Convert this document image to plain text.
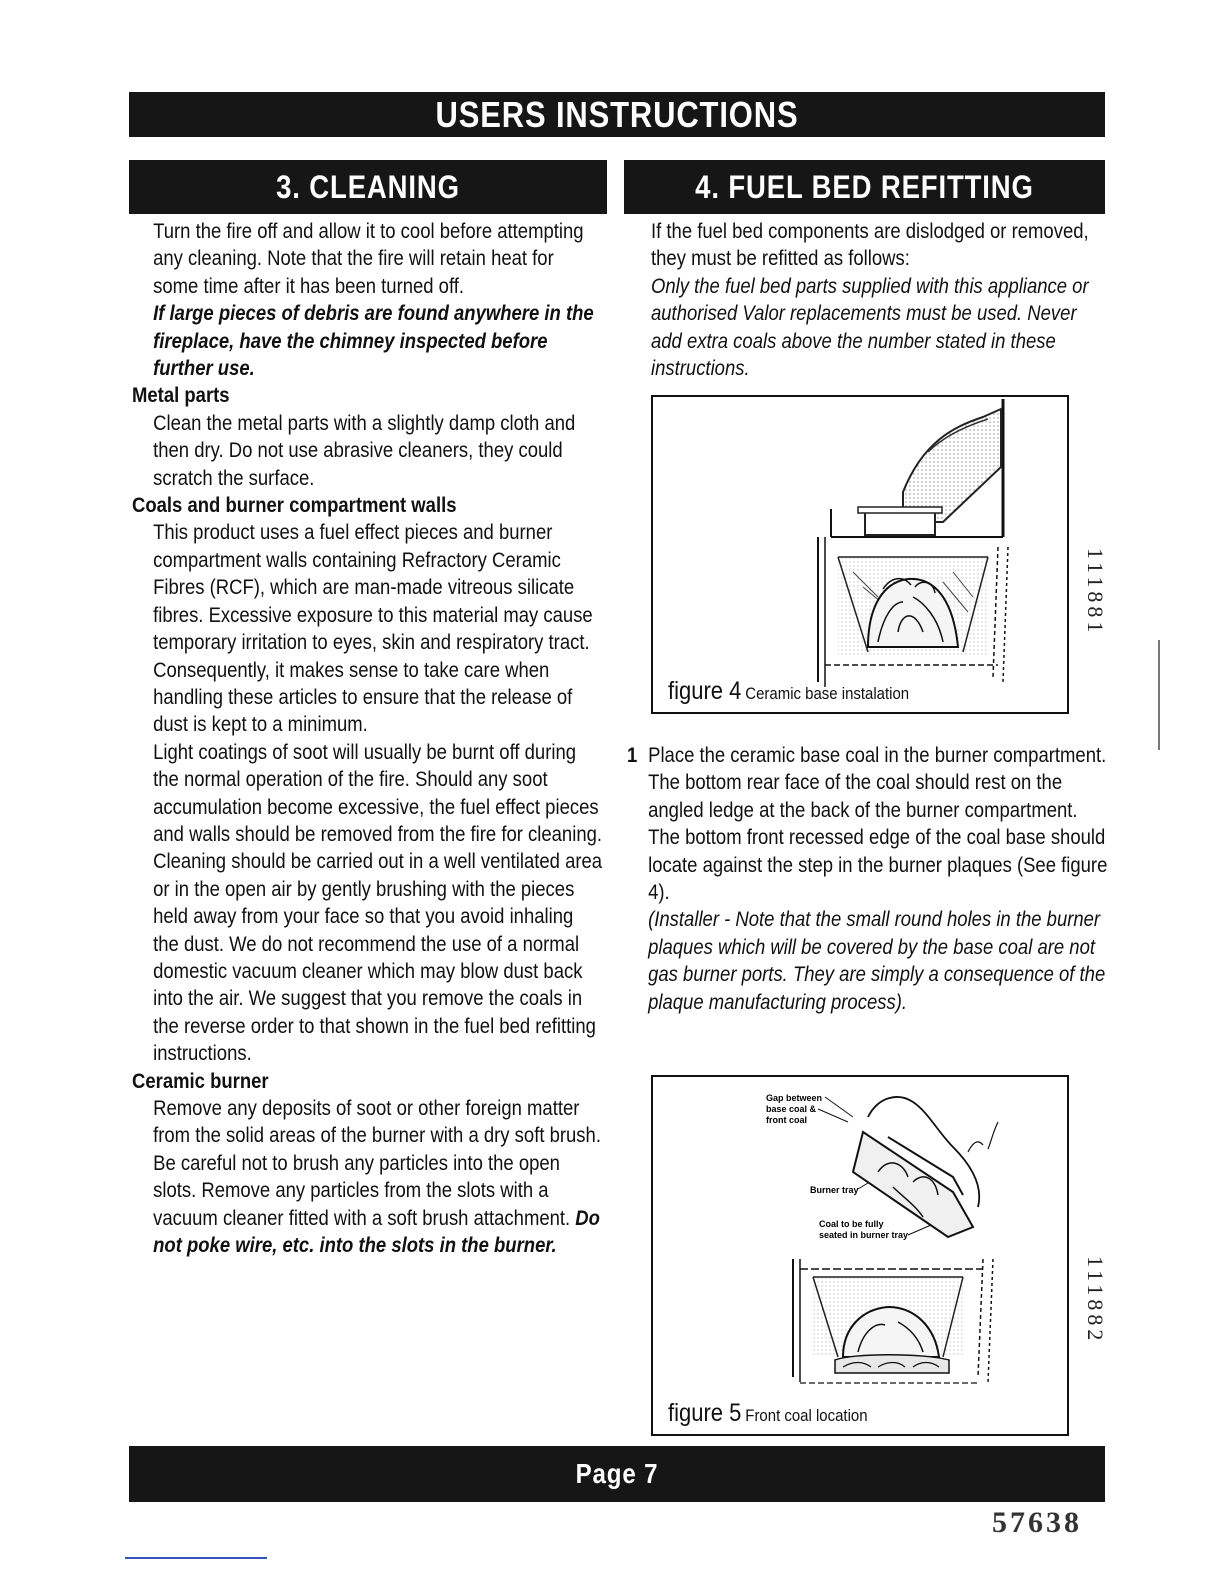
USERS INSTRUCTIONS
3. CLEANING	4. FUEL BED REFITTING

Turn the fire off and allow it to cool before attempting any cleaning. Note that the fire will retain heat for some time after it has been turned off.

If large pieces of debris are found anywhere in the fireplace, have the chimney inspected before further use.

Metal parts

Clean the metal parts with a slightly damp cloth and then dry. Do not use abrasive cleaners, they could scratch the surface.

Coals and burner compartment walls

This product uses a fuel effect pieces and burner compartment walls containing Refractory Ceramic Fibres (RCF), which are man-made vitreous silicate fibres. Excessive exposure to this material may cause temporary irritation to eyes, skin and respiratory tract. Consequently, it makes sense to take care when handling these articles to ensure that the release of dust is kept to a minimum.

Light coatings of soot will usually be burnt off during the normal operation of the fire. Should any soot accumulation become excessive, the fuel effect pieces and walls should be removed from the fire for cleaning. Cleaning should be carried out in a well ventilated area or in the open air by gently brushing with the pieces held away from your face so that you avoid inhaling the dust. We do not recommend the use of a normal domestic vacuum cleaner which may blow dust back into the air. We suggest that you remove the coals in the reverse order to that shown in the fuel bed refitting instructions.

Ceramic burner

Remove any deposits of soot or other foreign matter from the solid areas of the burner with a dry soft brush. Be careful not to brush any particles into the open slots. Remove any particles from the slots with a vacuum cleaner fitted with a soft brush attachment. Do not poke wire, etc. into the slots in the burner.

If the fuel bed components are dislodged or removed, they must be refitted as follows:

Only the fuel bed parts supplied with this appliance or authorised Valor replacements must be used. Never add extra coals above the number stated in these instructions.

figure 4 Ceramic base instalation
111881
1 Place the ceramic base coal in the burner compartment. The bottom rear face of the coal should rest on the angled ledge at the back of the burner compartment. The bottom front recessed edge of the coal base should locate against the step in the burner plaques (See figure 4).

(Installer - Note that the small round holes in the burner plaques which will be covered by the base coal are not gas burner ports. They are simply a consequence of the plaque manufacturing process).

Gap between
base coal &
front coal
Burner tray
Coal to be fully
seated in burner tray
figure 5 Front coal location
111882
Page 7
57638
